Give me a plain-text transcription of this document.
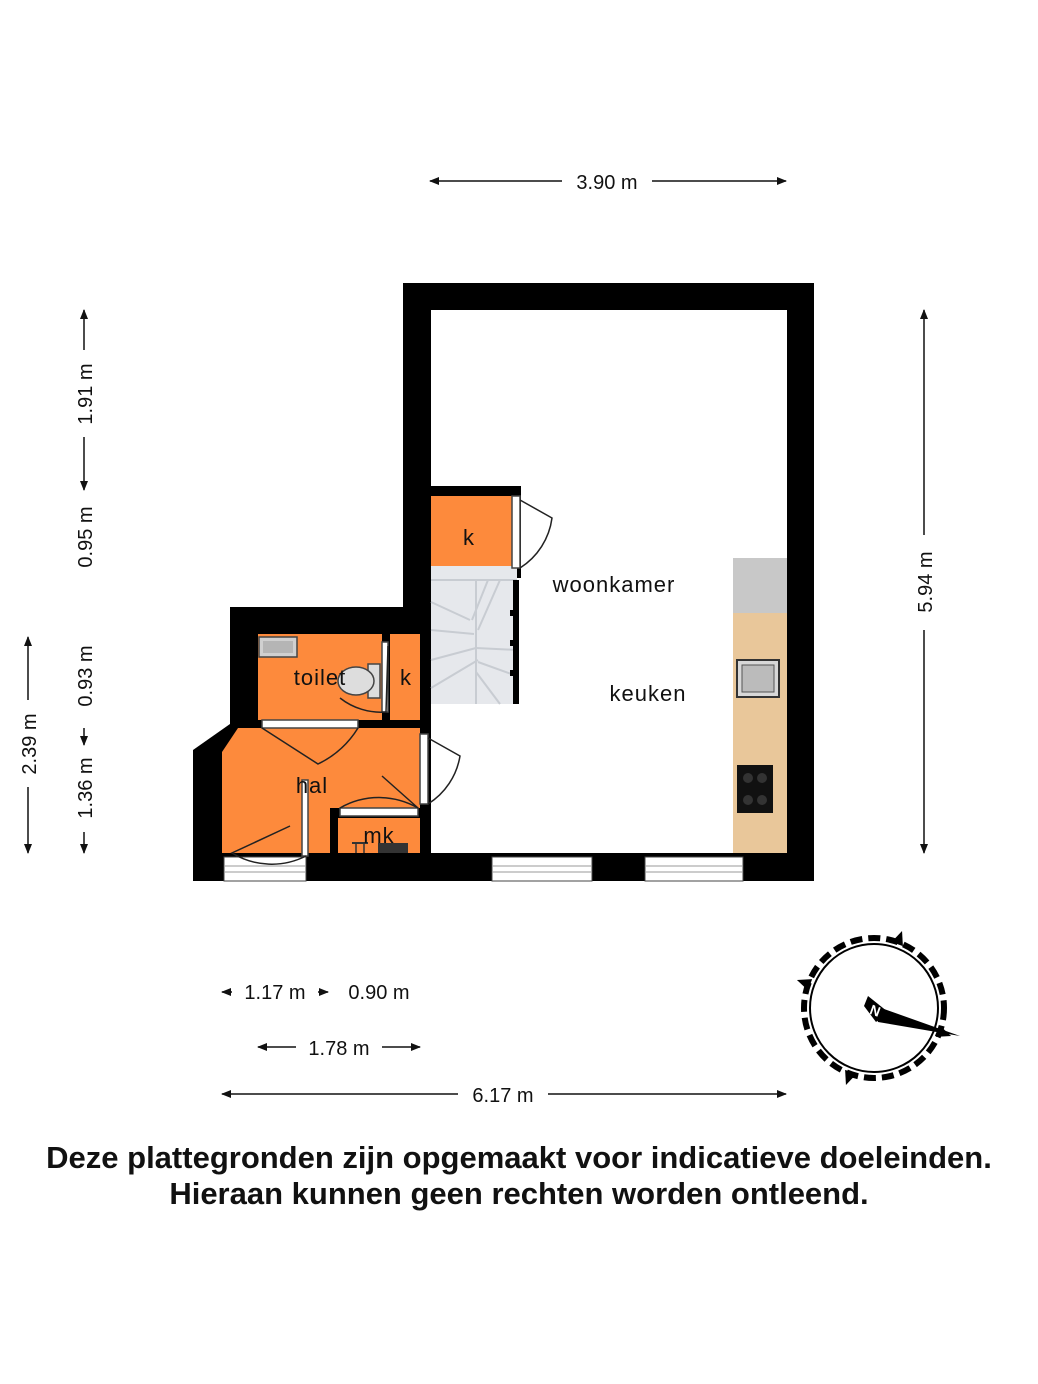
woonkamer
keuken
k
toilet k
hal
mk
3.90 m
5.94 m
1.91 m
0.95 m
0.93 m
1.36 m
2.39 m
1.17 m 0.90 m
1.78 m
6.17 m
N
Deze plattegronden zijn opgemaakt voor indicatieve doeleinden.
Hieraan kunnen geen rechten worden ontleend.
